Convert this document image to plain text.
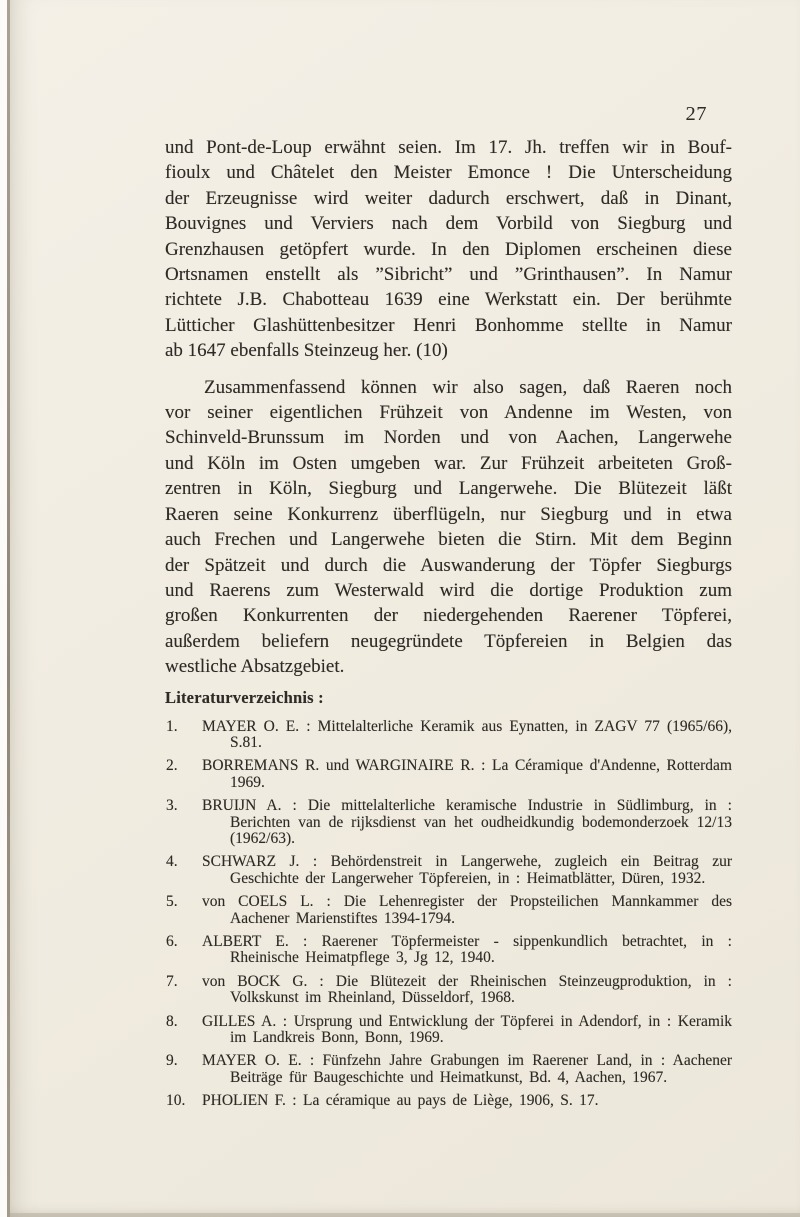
27
und Pont-de-Loup erwähnt seien. Im 17. Jh. treffen wir in Bouf-
fioulx und Châtelet den Meister Emonce ! Die Unterscheidung
der Erzeugnisse wird weiter dadurch erschwert, daß in Dinant,
Bouvignes und Verviers nach dem Vorbild von Siegburg und
Grenzhausen getöpfert wurde. In den Diplomen erscheinen diese
Ortsnamen enstellt als ”Sibricht” und ”Grinthausen”. In Namur
richtete J.B. Chabotteau 1639 eine Werkstatt ein. Der berühmte
Lütticher Glashüttenbesitzer Henri Bonhomme stellte in Namur
ab 1647 ebenfalls Steinzeug her. (10)
Zusammenfassend können wir also sagen, daß Raeren noch
vor seiner eigentlichen Frühzeit von Andenne im Westen, von
Schinveld-Brunssum im Norden und von Aachen, Langerwehe
und Köln im Osten umgeben war. Zur Frühzeit arbeiteten Groß-
zentren in Köln, Siegburg und Langerwehe. Die Blütezeit läßt
Raeren seine Konkurrenz überflügeln, nur Siegburg und in etwa
auch Frechen und Langerwehe bieten die Stirn. Mit dem Beginn
der Spätzeit und durch die Auswanderung der Töpfer Siegburgs
und Raerens zum Westerwald wird die dortige Produktion zum
großen Konkurrenten der niedergehenden Raerener Töpferei,
außerdem beliefern neugegründete Töpfereien in Belgien das
westliche Absatzgebiet.
Literaturverzeichnis :
1. MAYER O. E. : Mittelalterliche Keramik aus Eynatten, in ZAGV 77 (1965/66), S.81.
2. BORREMANS R. und WARGINAIRE R. : La Céramique d'Andenne, Rotterdam 1969.
3. BRUIJN A. : Die mittelalterliche keramische Industrie in Südlimburg, in : Berichten van de rijksdienst van het oudheidkundig bodemonderzoek 12/13 (1962/63).
4. SCHWARZ J. : Behördenstreit in Langerwehe, zugleich ein Beitrag zur Geschichte der Langerweher Töpfereien, in : Heimatblätter, Düren, 1932.
5. von COELS L. : Die Lehenregister der Propsteilichen Mannkammer des Aachener Marienstiftes 1394-1794.
6. ALBERT E. : Raerener Töpfermeister - sippenkundlich betrachtet, in : Rheinische Heimatpflege 3, Jg 12, 1940.
7. von BOCK G. : Die Blütezeit der Rheinischen Steinzeugproduktion, in : Volkskunst im Rheinland, Düsseldorf, 1968.
8. GILLES A. : Ursprung und Entwicklung der Töpferei in Adendorf, in : Keramik im Landkreis Bonn, Bonn, 1969.
9. MAYER O. E. : Fünfzehn Jahre Grabungen im Raerener Land, in : Aachener Beiträge für Baugeschichte und Heimatkunst, Bd. 4, Aachen, 1967.
10. PHOLIEN F. : La céramique au pays de Liège, 1906, S. 17.
